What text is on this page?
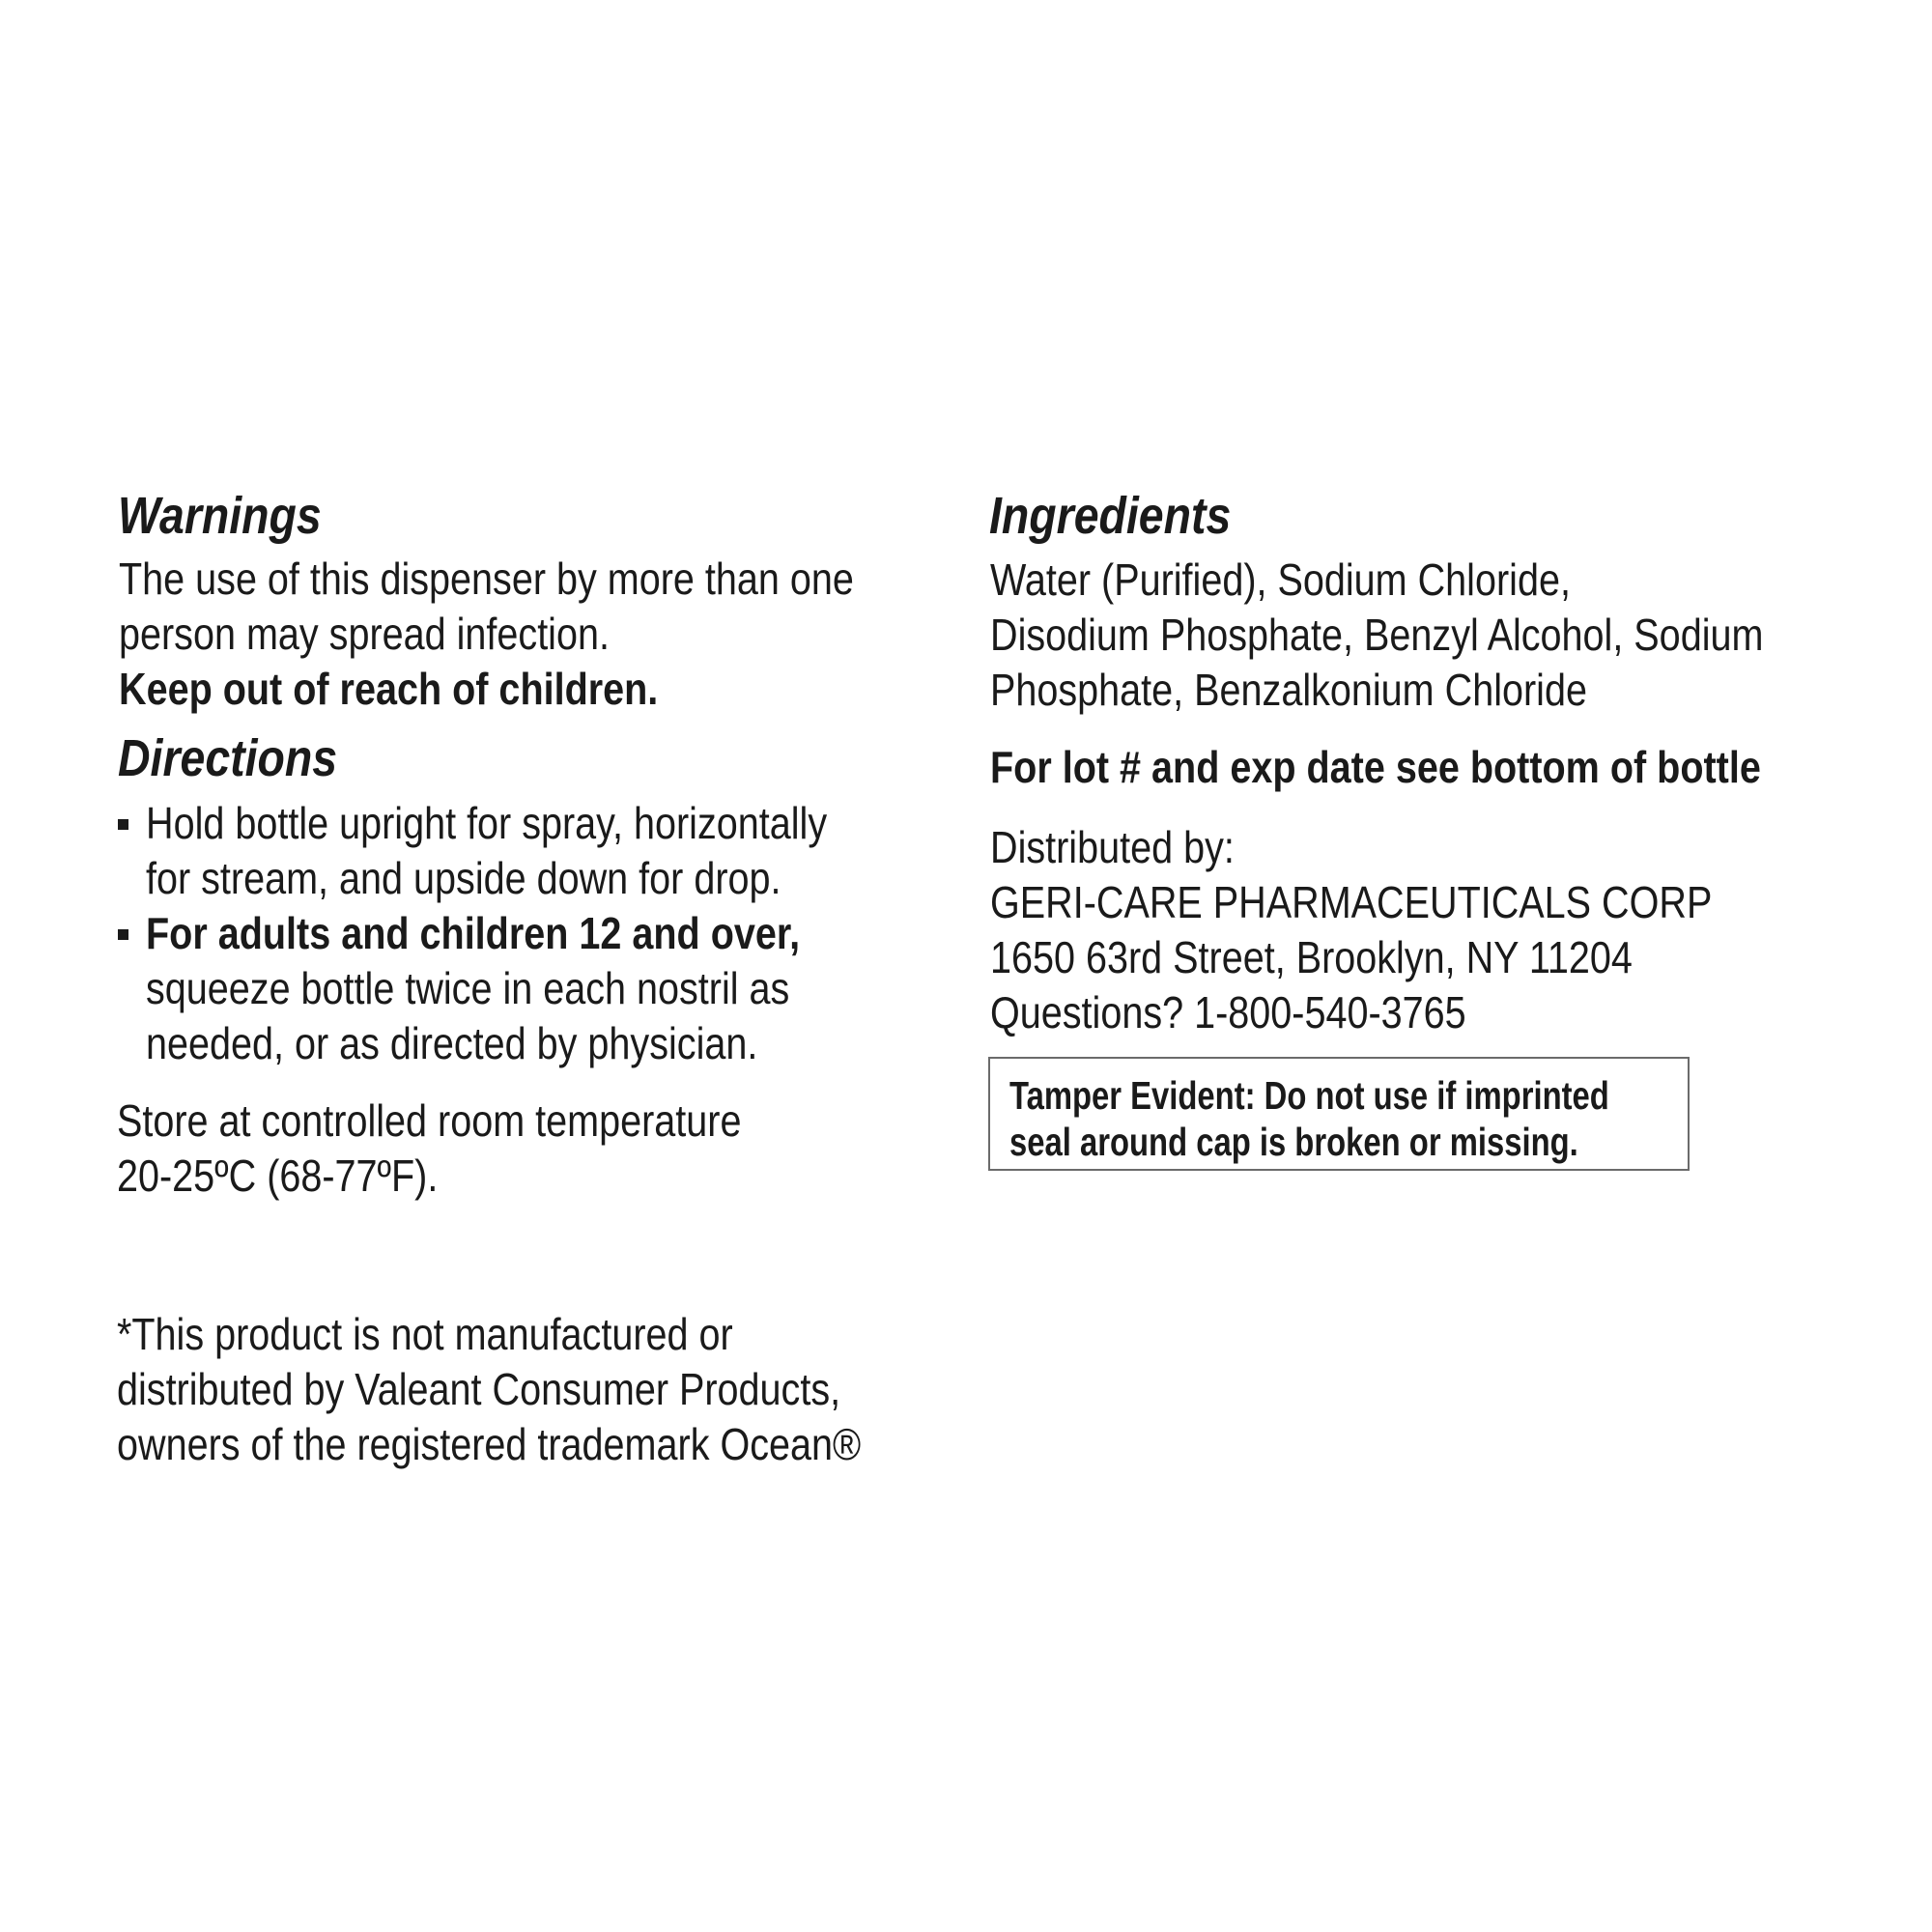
Warnings
The use of this dispenser by more than one
person may spread infection.
Keep out of reach of children.
Directions
Hold bottle upright for spray, horizontally
for stream, and upside down for drop.
For adults and children 12 and over,
squeeze bottle twice in each nostril as
needed, or as directed by physician.
Store at controlled room temperature
20-25ºC (68-77ºF).
*This product is not manufactured or
distributed by Valeant Consumer Products,
owners of the registered trademark Ocean®
Ingredients
Water (Purified), Sodium Chloride,
Disodium Phosphate, Benzyl Alcohol, Sodium
Phosphate, Benzalkonium Chloride
For lot # and exp date see bottom of bottle
Distributed by:
GERI-CARE PHARMACEUTICALS CORP
1650 63rd Street, Brooklyn, NY 11204
Questions? 1-800-540-3765
Tamper Evident: Do not use if imprinted
seal around cap is broken or missing.
